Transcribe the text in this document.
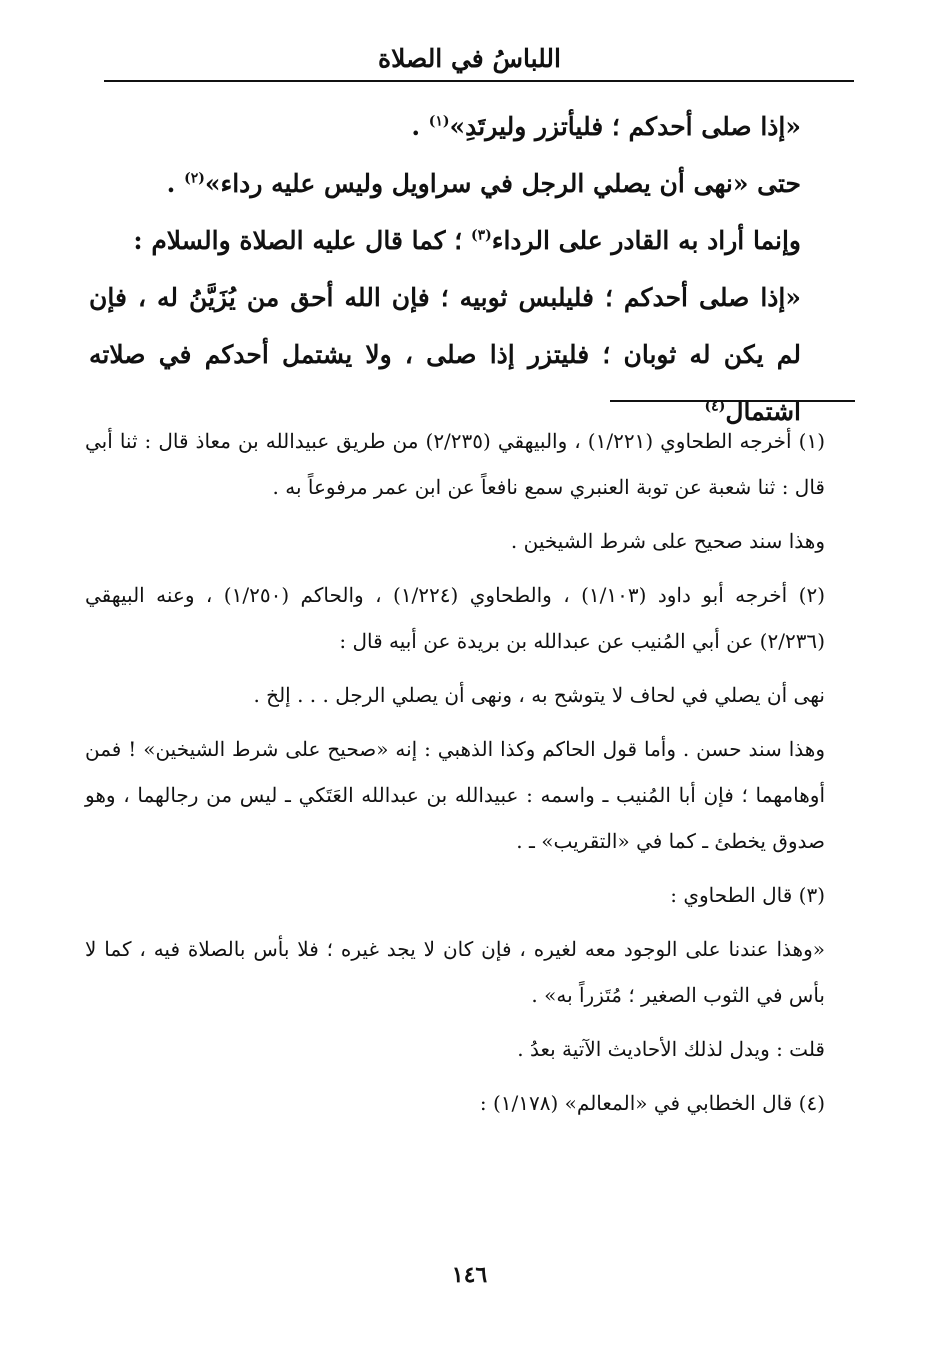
اللباسُ في الصلاة

«إذا صلى أحدكم ؛ فليأتزر وليرتَدِ»$^{(١)}$ .

حتى «نهى أن يصلي الرجل في سراويل وليس عليه رداء»$^{(٢)}$ .

وإنما أراد به القادر على الرداء$^{(٣)}$ ؛ كما قال عليه الصلاة والسلام :

«إذا صلى أحدكم ؛ فليلبس ثوبيه ؛ فإن الله أحق من يُزَيَّنُ له ، فإن لم يكن له ثوبان ؛ فليتزر إذا صلى ، ولا يشتمل أحدكم في صلاته اشتمال$^{(٤)}$

(١) أخرجه الطحاوي (١/٢٢١) ، والبيهقي (٢/٢٣٥) من طريق عبيدالله بن معاذ قال : ثنا أبي قال : ثنا شعبة عن توبة العنبري سمع نافعاً عن ابن عمر مرفوعاً به .

وهذا سند صحيح على شرط الشيخين .

(٢) أخرجه أبو داود (١/١٠٣) ، والطحاوي (١/٢٢٤) ، والحاكم (١/٢٥٠) ، وعنه البيهقي (٢/٢٣٦) عن أبي المُنيب عن عبدالله بن بريدة عن أبيه قال :

نهى أن يصلي في لحاف لا يتوشح به ، ونهى أن يصلي الرجل . . . إلخ .

وهذا سند حسن . وأما قول الحاكم وكذا الذهبي : إنه «صحيح على شرط الشيخين» ! فمن أوهامهما ؛ فإن أبا المُنيب ـ واسمه : عبيدالله بن عبدالله العَتَكي ـ ليس من رجالهما ، وهو صدوق يخطئ ـ كما في «التقريب» ـ .

(٣) قال الطحاوي :

«وهذا عندنا على الوجود معه لغيره ، فإن كان لا يجد غيره ؛ فلا بأس بالصلاة فيه ، كما لا بأس في الثوب الصغير ؛ مُتَزراً به» .

قلت : ويدل لذلك الأحاديث الآتية بعدُ .

(٤) قال الخطابي في «المعالم» (١/١٧٨) :

١٤٦
